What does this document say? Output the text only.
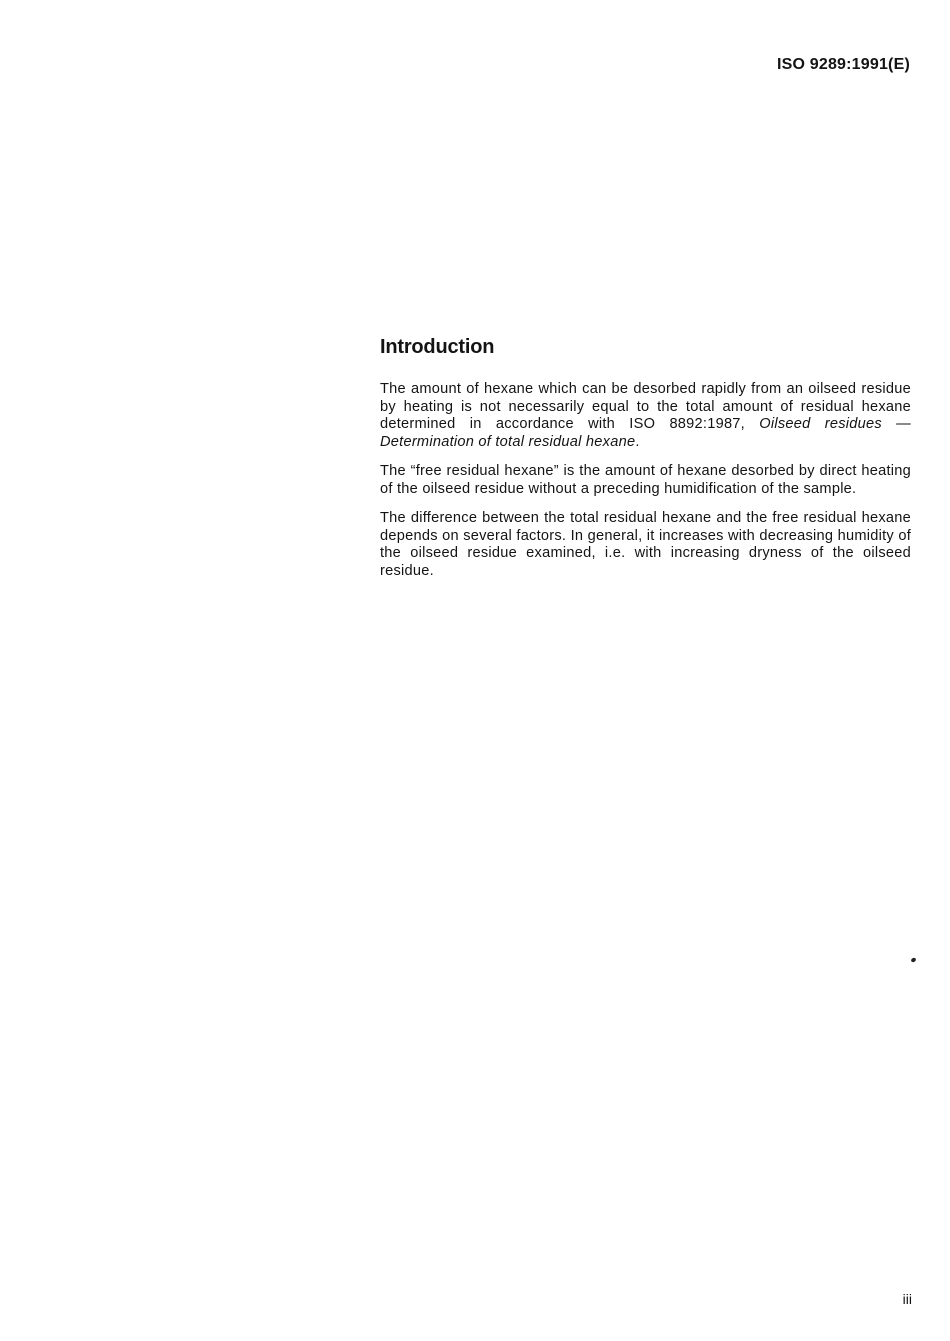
ISO 9289:1991(E)
Introduction

The amount of hexane which can be desorbed rapidly from an oilseed residue by heating is not necessarily equal to the total amount of residual hexane determined in accordance with ISO 8892:1987, Oilseed residues — Determination of total residual hexane.

The “free residual hexane” is the amount of hexane desorbed by direct heating of the oilseed residue without a preceding humidification of the sample.

The difference between the total residual hexane and the free residual hexane depends on several factors. In general, it increases with decreasing humidity of the oilseed residue examined, i.e. with increasing dryness of the oilseed residue.

iii
